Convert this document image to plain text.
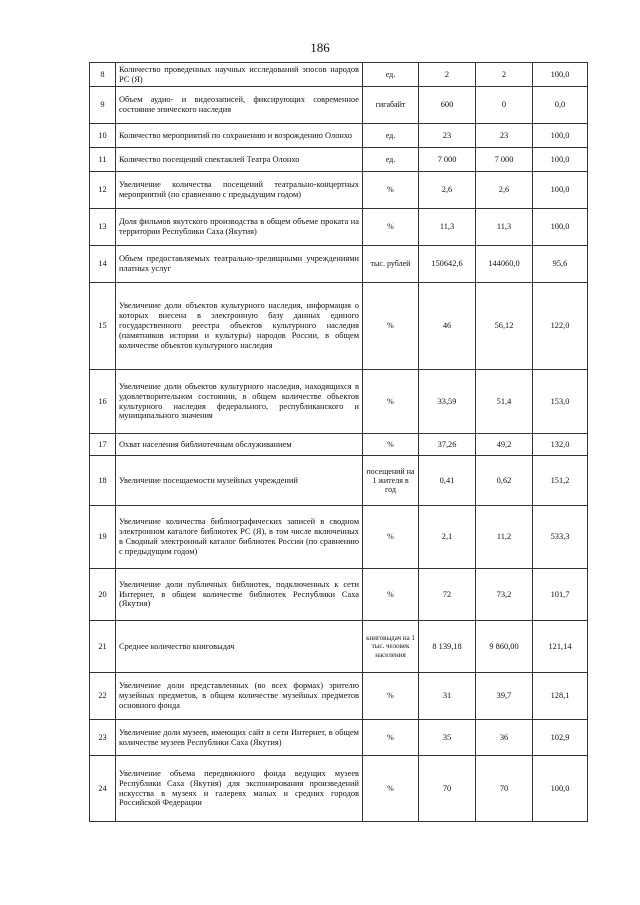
186
8	Количество проведенных научных исследований эпосов народов РС (Я)	ед.	2	2	100,0
9	Объем аудио- и видеозаписей, фиксирующих современное состояние эпического наследия	гигабайт	600	0	0,0
10	Количество мероприятий по сохранению и возрождению Олонхо	ед.	23	23	100,0
11	Количество посещений спектаклей Театра Олонхо	ед.	7 000	7 000	100,0
12	Увеличение количества посещений театрально-концертных мероприятий (по сравнению с предыдущим годом)	%	2,6	2,6	100,0
13	Доля фильмов якутского производства в общем объеме проката на территории Республики Саха (Якутия)	%	11,3	11,3	100,0
14	Объем предоставляемых театрально-зрелищными учреждениями платных услуг	тыс. рублей	150642,6	144060,0	95,6
15	Увеличение доли объектов культурного наследия, информация о которых внесена в электронную базу данных единого государственного реестра объектов культурного наследия (памятников истории и культуры) народов России, в общем количестве объектов культурного наследия	%	46	56,12	122,0
16	Увеличение доли объектов культурного наследия, находящихся в удовлетворительном состоянии, в общем количестве объектов культурного наследия федерального, республиканского и муниципального значения	%	33,59	51,4	153,0
17	Охват населения библиотечным обслуживанием	%	37,26	49,2	132,0
18	Увеличение посещаемости музейных учреждений	посещений на 1 жителя в год	0,41	0,62	151,2
19	Увеличение количества библиографических записей в сводном электронном каталоге библиотек РС (Я), в том числе включенных в Сводный электронный каталог библиотек России (по сравнению с предыдущим годом)	%	2,1	11,2	533,3
20	Увеличение доли публичных библиотек, подключенных к сети Интернет, в общем количестве библиотек Республики Саха (Якутия)	%	72	73,2	101,7
21	Среднее количество книговыдач	книговыдач на 1 тыс. человек населения	8 139,18	9 860,00	121,14
22	Увеличение доли представленных (во всех формах) зрителю музейных предметов, в общем количестве музейных предметов основного фонда	%	31	39,7	128,1
23	Увеличение доли музеев, имеющих сайт в сети Интернет, в общем количестве музеев Республики Саха (Якутия)	%	35	36	102,9
24	Увеличение объема передвижного фонда ведущих музеев Республики Саха (Якутия) для экспонирования произведений искусства в музеях и галереях малых и средних городов Российской Федерации	%	70	70	100,0
